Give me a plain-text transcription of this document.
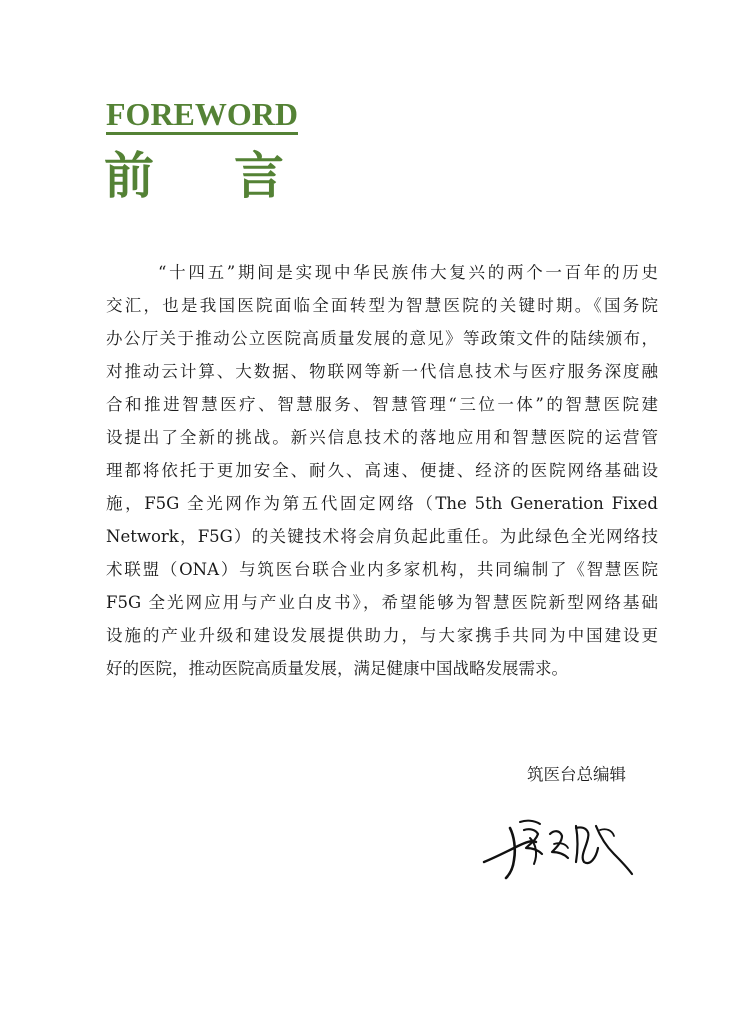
FOREWORD
前 言
“十四五”期间是实现中华民族伟大复兴的两个一百年的历史
交汇，也是我国医院面临全面转型为智慧医院的关键时期。《国务院
办公厅关于推动公立医院高质量发展的意见》等政策文件的陆续颁布，
对推动云计算、大数据、物联网等新一代信息技术与医疗服务深度融
合和推进智慧医疗、智慧服务、智慧管理“三位一体”的智慧医院建
设提出了全新的挑战。新兴信息技术的落地应用和智慧医院的运营管
理都将依托于更加安全、耐久、高速、便捷、经济的医院网络基础设
施，F5G 全光网作为第五代固定网络（The 5th Generation Fixed
Network，F5G）的关键技术将会肩负起此重任。为此绿色全光网络技
术联盟（ONA）与筑医台联合业内多家机构，共同编制了《智慧医院
F5G 全光网应用与产业白皮书》，希望能够为智慧医院新型网络基础
设施的产业升级和建设发展提供助力，与大家携手共同为中国建设更
好的医院，推动医院高质量发展，满足健康中国战略发展需求。
筑医台总编辑
